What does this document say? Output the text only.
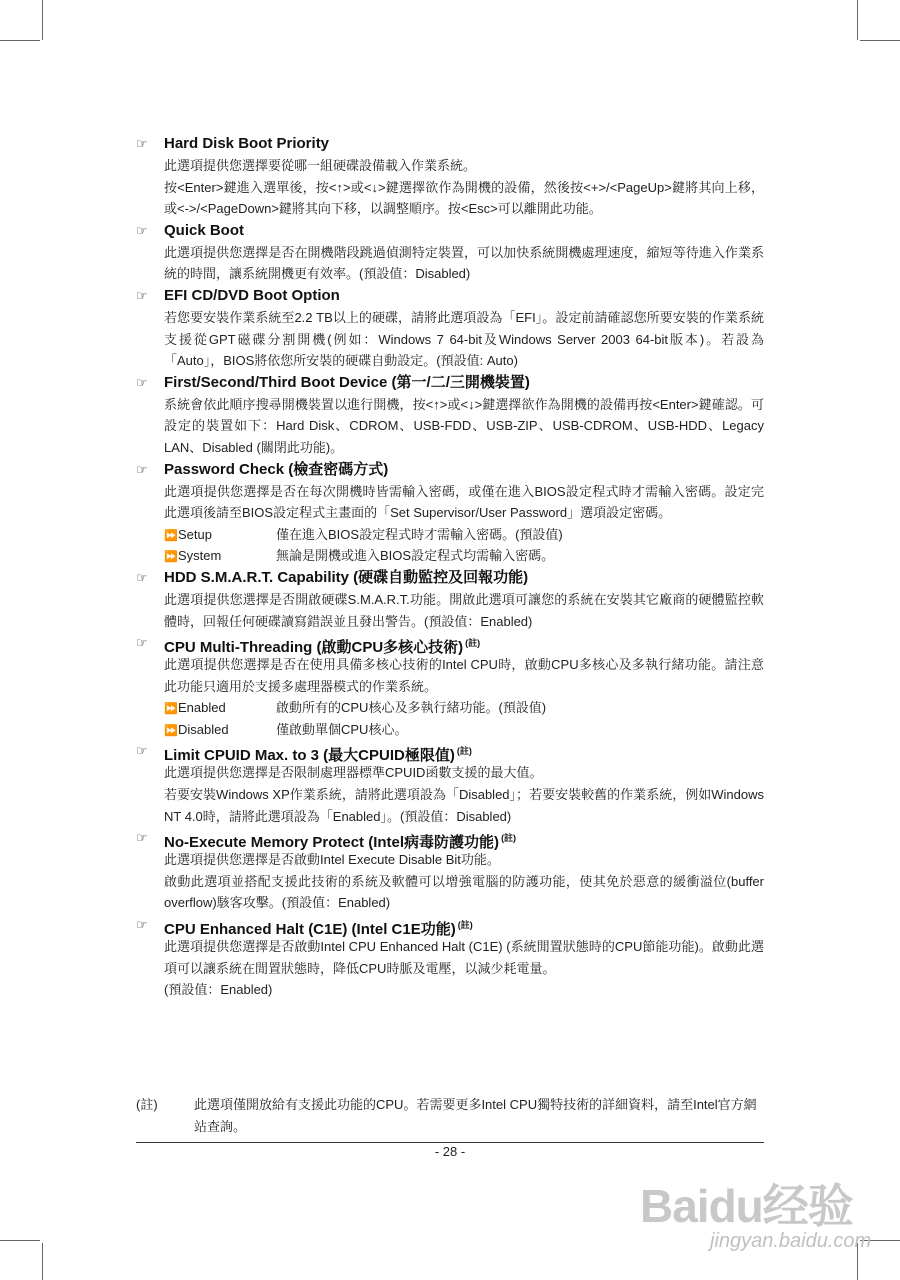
☞	Hard Disk Boot Priority

此選項提供您選擇要從哪一組硬碟設備載入作業系統。

按<Enter>鍵進入選單後，按<↑>或<↓>鍵選擇欲作為開機的設備，然後按<+>/<PageUp>鍵將其向上移，或<->/<PageDown>鍵將其向下移，以調整順序。按<Esc>可以離開此功能。

☞	Quick Boot

此選項提供您選擇是否在開機階段跳過偵測特定裝置，可以加快系統開機處理速度，縮短等待進入作業系統的時間，讓系統開機更有效率。(預設值：Disabled)

☞	EFI CD/DVD Boot Option

若您要安裝作業系統至2.2 TB以上的硬碟，請將此選項設為「EFI」。設定前請確認您所要安裝的作業系統支援從GPT磁碟分割開機(例如：Windows 7 64-bit及Windows Server 2003 64-bit版本)。若設為「Auto」，BIOS將依您所安裝的硬碟自動設定。(預設值: Auto)

☞	First/Second/Third Boot Device (第一/二/三開機裝置)

系統會依此順序搜尋開機裝置以進行開機，按<↑>或<↓>鍵選擇欲作為開機的設備再按<Enter>鍵確認。可設定的裝置如下：Hard Disk、CDROM、USB-FDD、USB-ZIP、USB-CDROM、USB-HDD、Legacy LAN、Disabled (關閉此功能)。

☞	Password Check (檢查密碼方式)

此選項提供您選擇是否在每次開機時皆需輸入密碼，或僅在進入BIOS設定程式時才需輸入密碼。設定完此選項後請至BIOS設定程式主畫面的「Set Supervisor/User Password」選項設定密碼。

⏩Setup	僅在進入BIOS設定程式時才需輸入密碼。(預設值)
⏩System	無論是開機或進入BIOS設定程式均需輸入密碼。
☞	HDD S.M.A.R.T. Capability (硬碟自動監控及回報功能)

此選項提供您選擇是否開啟硬碟S.M.A.R.T.功能。開啟此選項可讓您的系統在安裝其它廠商的硬體監控軟體時，回報任何硬碟讀寫錯誤並且發出警告。(預設值：Enabled)

☞	CPU Multi-Threading (啟動CPU多核心技術) $^{(註)}$

此選項提供您選擇是否在使用具備多核心技術的Intel CPU時，啟動CPU多核心及多執行緒功能。請注意此功能只適用於支援多處理器模式的作業系統。

⏩Enabled	啟動所有的CPU核心及多執行緒功能。(預設值)
⏩Disabled	僅啟動單個CPU核心。
☞	Limit CPUID Max. to 3 (最大CPUID極限值) $^{(註)}$

此選項提供您選擇是否限制處理器標準CPUID函數支援的最大值。

若要安裝Windows XP作業系統，請將此選項設為「Disabled」；若要安裝較舊的作業系統，例如Windows NT 4.0時，請將此選項設為「Enabled」。(預設值：Disabled)

☞	No-Execute Memory Protect (Intel病毒防護功能) $^{(註)}$

此選項提供您選擇是否啟動Intel Execute Disable Bit功能。

啟動此選項並搭配支援此技術的系統及軟體可以增強電腦的防護功能，使其免於惡意的緩衝溢位(buffer overflow)駭客攻擊。(預設值：Enabled)

☞	CPU Enhanced Halt (C1E) (Intel C1E功能) $^{(註)}$

此選項提供您選擇是否啟動Intel CPU Enhanced Halt (C1E) (系統閒置狀態時的CPU節能功能)。啟動此選項可以讓系統在閒置狀態時，降低CPU時脈及電壓，以減少耗電量。

(預設值：Enabled)

(註)	此選項僅開放給有支援此功能的CPU。若需要更多Intel CPU獨特技術的詳細資料，請至Intel官方網站查詢。
- 28 -
Baidu经验
jingyan.baidu.com
